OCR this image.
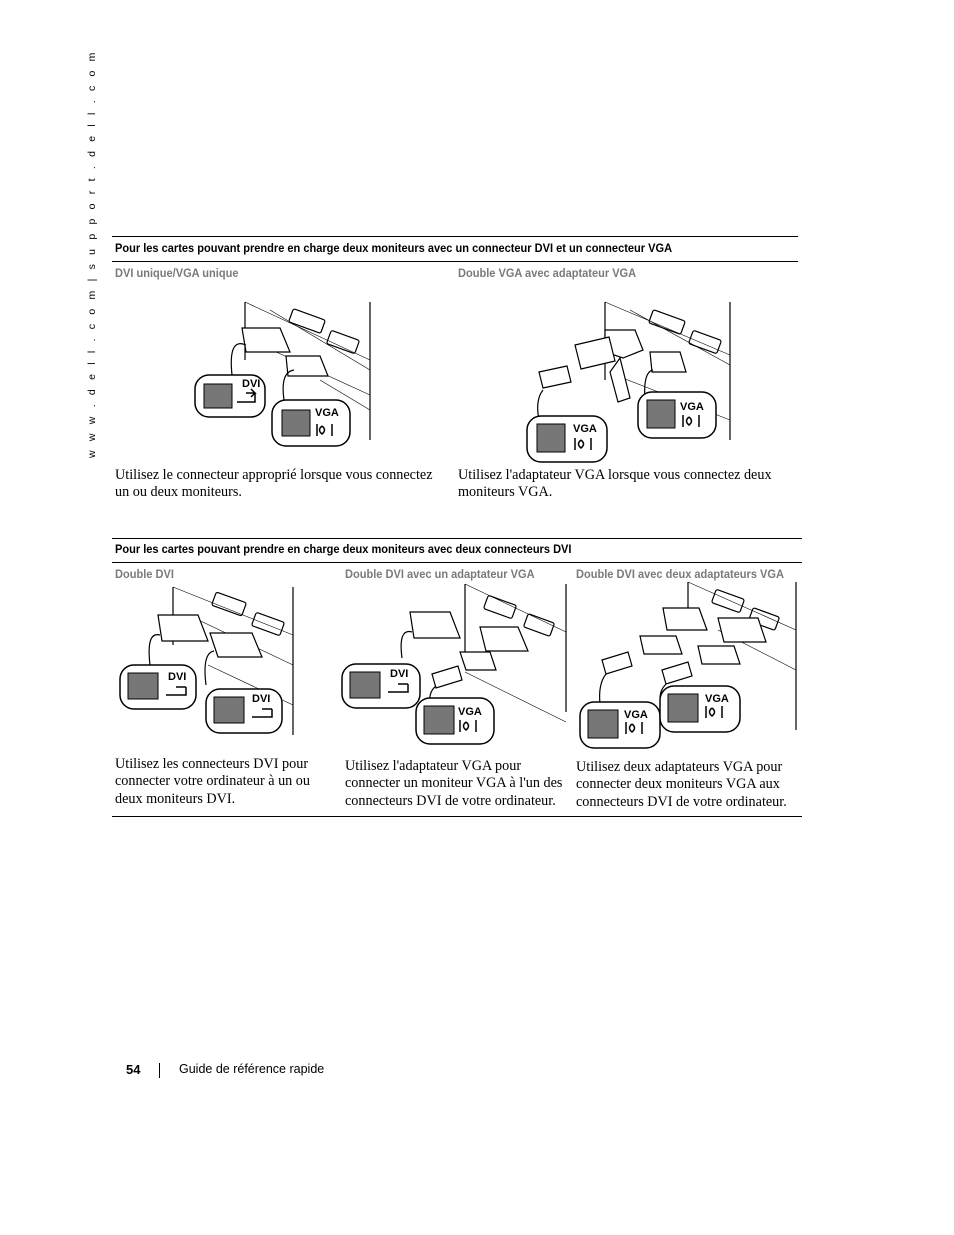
w w w . d e l l . c o m | s u p p o r t . d e l l . c o m Pour les cartes pouvant prendre en charge deux moniteurs avec un connecteur DVI et un connecteur VGA
DVI unique/VGA unique	Double VGA avec adaptateur VGA
DVI
VGA
VGA
VGA
Utilisez le connecteur approprié lorsque vous connectez un ou deux moniteurs.
Utilisez l'adaptateur VGA lorsque vous connectez deux moniteurs VGA.
Pour les cartes pouvant prendre en charge deux moniteurs avec deux connecteurs DVI
Double DVI	Double DVI avec un adaptateur VGA	Double DVI avec deux adaptateurs VGA
DVI
DVI
DVI
VGA	VGA
VGA
Utilisez les connecteurs DVI pour connecter votre ordinateur à un ou deux moniteurs DVI.
Utilisez l'adaptateur VGA pour connecter un moniteur VGA à l'un des connecteurs DVI de votre ordinateur.
Utilisez deux adaptateurs VGA pour connecter deux moniteurs VGA aux connecteurs DVI de votre ordinateur.
54	Guide de référence rapide
